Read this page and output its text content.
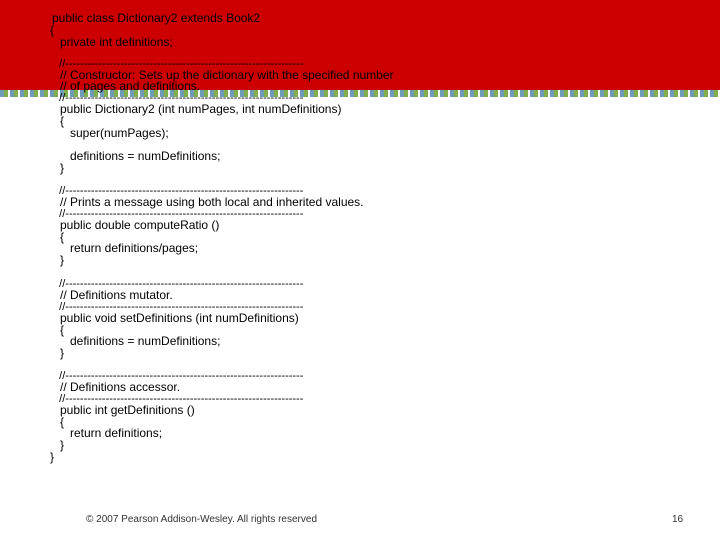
public class Dictionary2 extends Book2
{
private int definitions;
//-----------------------------------------------------------------
// Constructor: Sets up the dictionary with the specified number
// of pages and definitions.
//-----------------------------------------------------------------
public Dictionary2 (int numPages, int numDefinitions)
{
super(numPages);
definitions = numDefinitions;
}
//-----------------------------------------------------------------
// Prints a message using both local and inherited values.
//-----------------------------------------------------------------
public double computeRatio ()
{
return definitions/pages;
}
//-----------------------------------------------------------------
// Definitions mutator.
//-----------------------------------------------------------------
public void setDefinitions (int numDefinitions)
{
definitions = numDefinitions;
}
//-----------------------------------------------------------------
// Definitions accessor.
//-----------------------------------------------------------------
public int getDefinitions ()
{
return definitions;
}
}
© 2007 Pearson Addison-Wesley. All rights reserved	16
